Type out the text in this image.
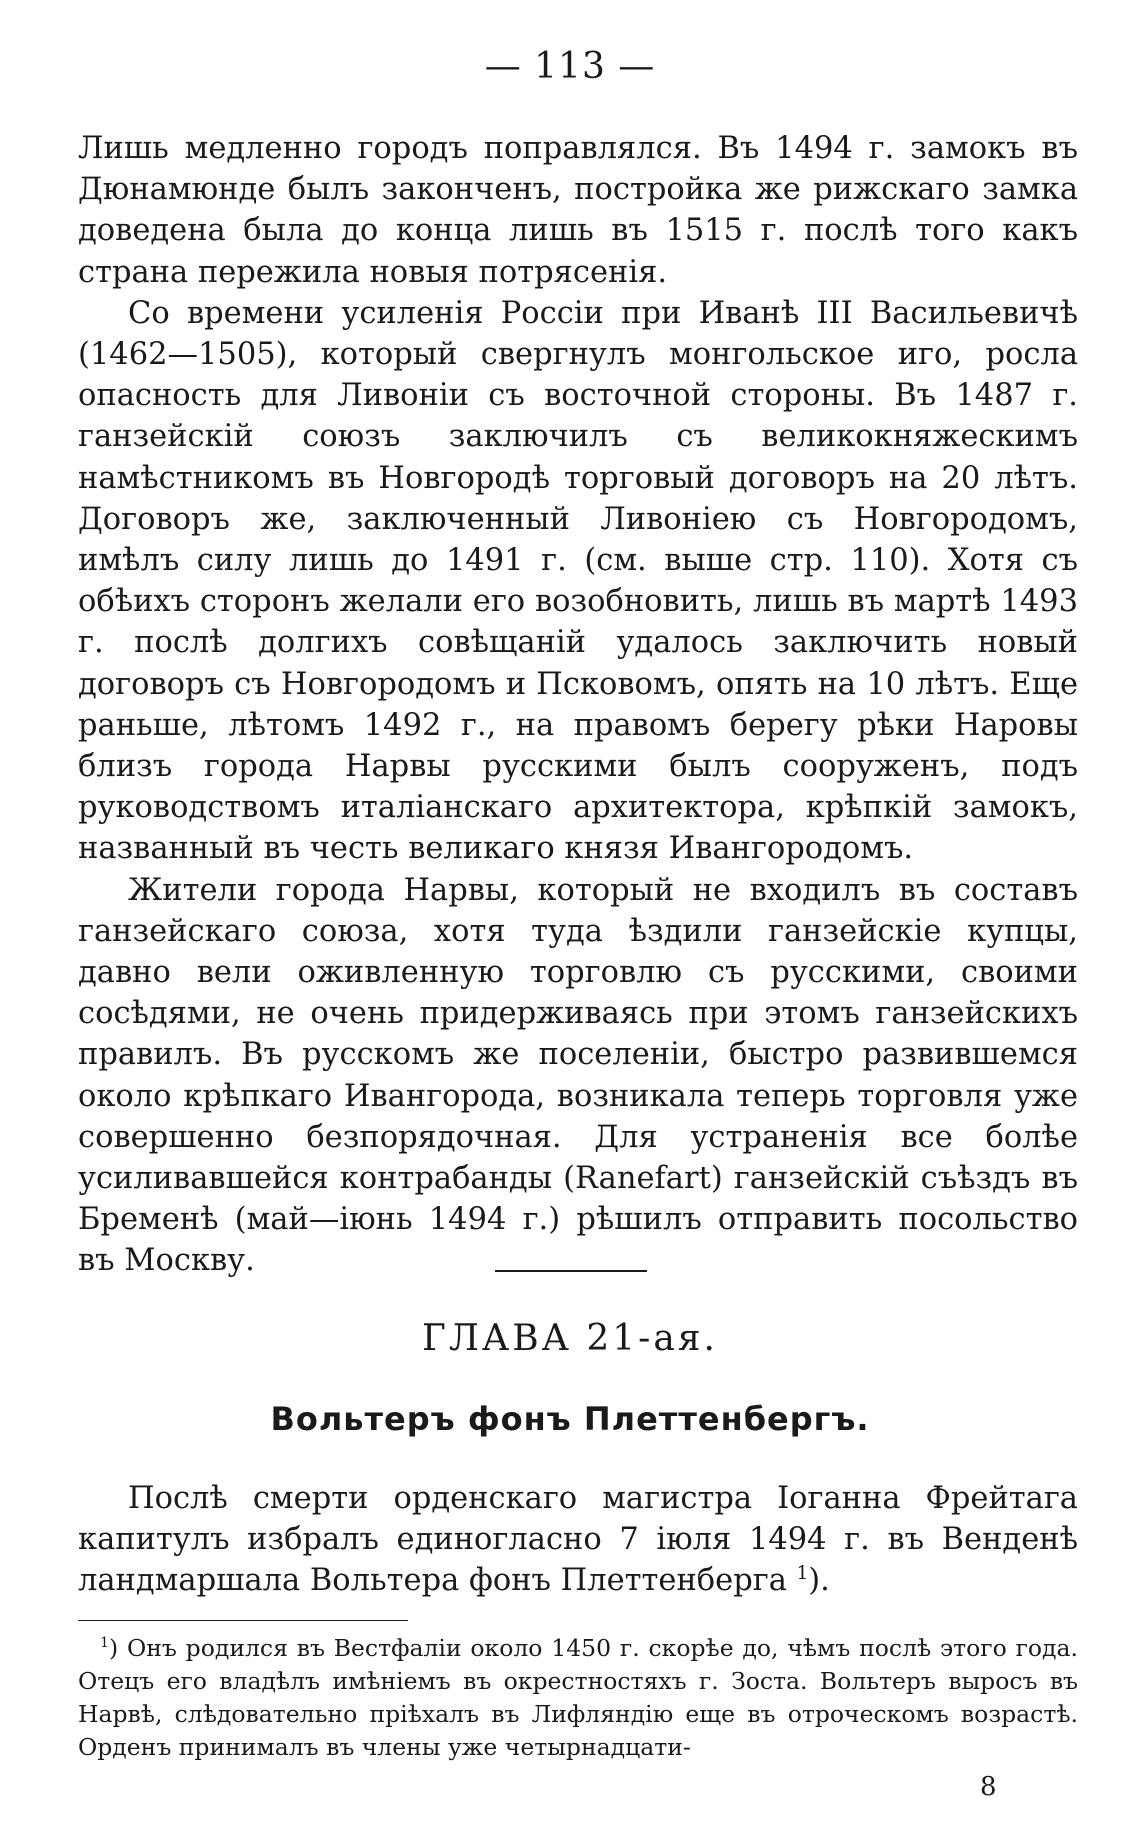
— 113 —

Лишь медленно городъ поправлялся. Въ 1494 г. замокъ въ Дюнамюнде былъ законченъ, постройка же рижскаго замка доведена была до конца лишь въ 1515 г. послѣ того какъ страна пережила новыя потрясенія.

Со времени усиленія Россіи при Иванѣ III Васильевичѣ (1462—1505), который свергнулъ монгольское иго, росла опасность для Ливоніи съ восточной стороны. Въ 1487 г. ганзейскій союзъ заключилъ съ великокняжескимъ намѣстникомъ въ Новгородѣ торговый договоръ на 20 лѣтъ. Договоръ же, заключенный Ливоніею съ Новгородомъ, имѣлъ силу лишь до 1491 г. (см. выше стр. 110). Хотя съ обѣихъ сторонъ желали его возобновить, лишь въ мартѣ 1493 г. послѣ долгихъ совѣщаній удалось заключить новый договоръ съ Новгородомъ и Псковомъ, опять на 10 лѣтъ. Еще раньше, лѣтомъ 1492 г., на правомъ берегу рѣки Наровы близъ города Нарвы русскими былъ сооруженъ, подъ руководствомъ италіанскаго архитектора, крѣпкій замокъ, названный въ честь великаго князя Ивангородомъ.

Жители города Нарвы, который не входилъ въ составъ ганзейскаго союза, хотя туда ѣздили ганзейскіе купцы, давно вели оживленную торговлю съ русскими, своими сосѣдями, не очень придерживаясь при этомъ ганзейскихъ правилъ. Въ русскомъ же поселеніи, быстро развившемся около крѣпкаго Ивангорода, возникала теперь торговля уже совершенно безпорядочная. Для устраненія все болѣе усиливавшейся контрабанды (Ranefart) ганзейскій съѣздъ въ Бременѣ (май—іюнь 1494 г.) рѣшилъ отправить посольство въ Москву.

ГЛАВА 21-ая.
Вольтеръ фонъ Плеттенбергъ.

Послѣ смерти орденскаго магистра Іоганна Фрейтага капитулъ избралъ единогласно 7 іюля 1494 г. въ Венденѣ ландмаршала Вольтера фонъ Плеттенберга $^1$).

$^1$) Онъ родился въ Вестфаліи около 1450 г. скорѣе до, чѣмъ послѣ этого года. Отецъ его владѣлъ имѣніемъ въ окрестностяхъ г. Зоста. Вольтеръ выросъ въ Нарвѣ, слѣдовательно пріѣхалъ въ Лифляндію еще въ отроческомъ возрастѣ. Орденъ принималъ въ члены уже четырнадцати-

8
